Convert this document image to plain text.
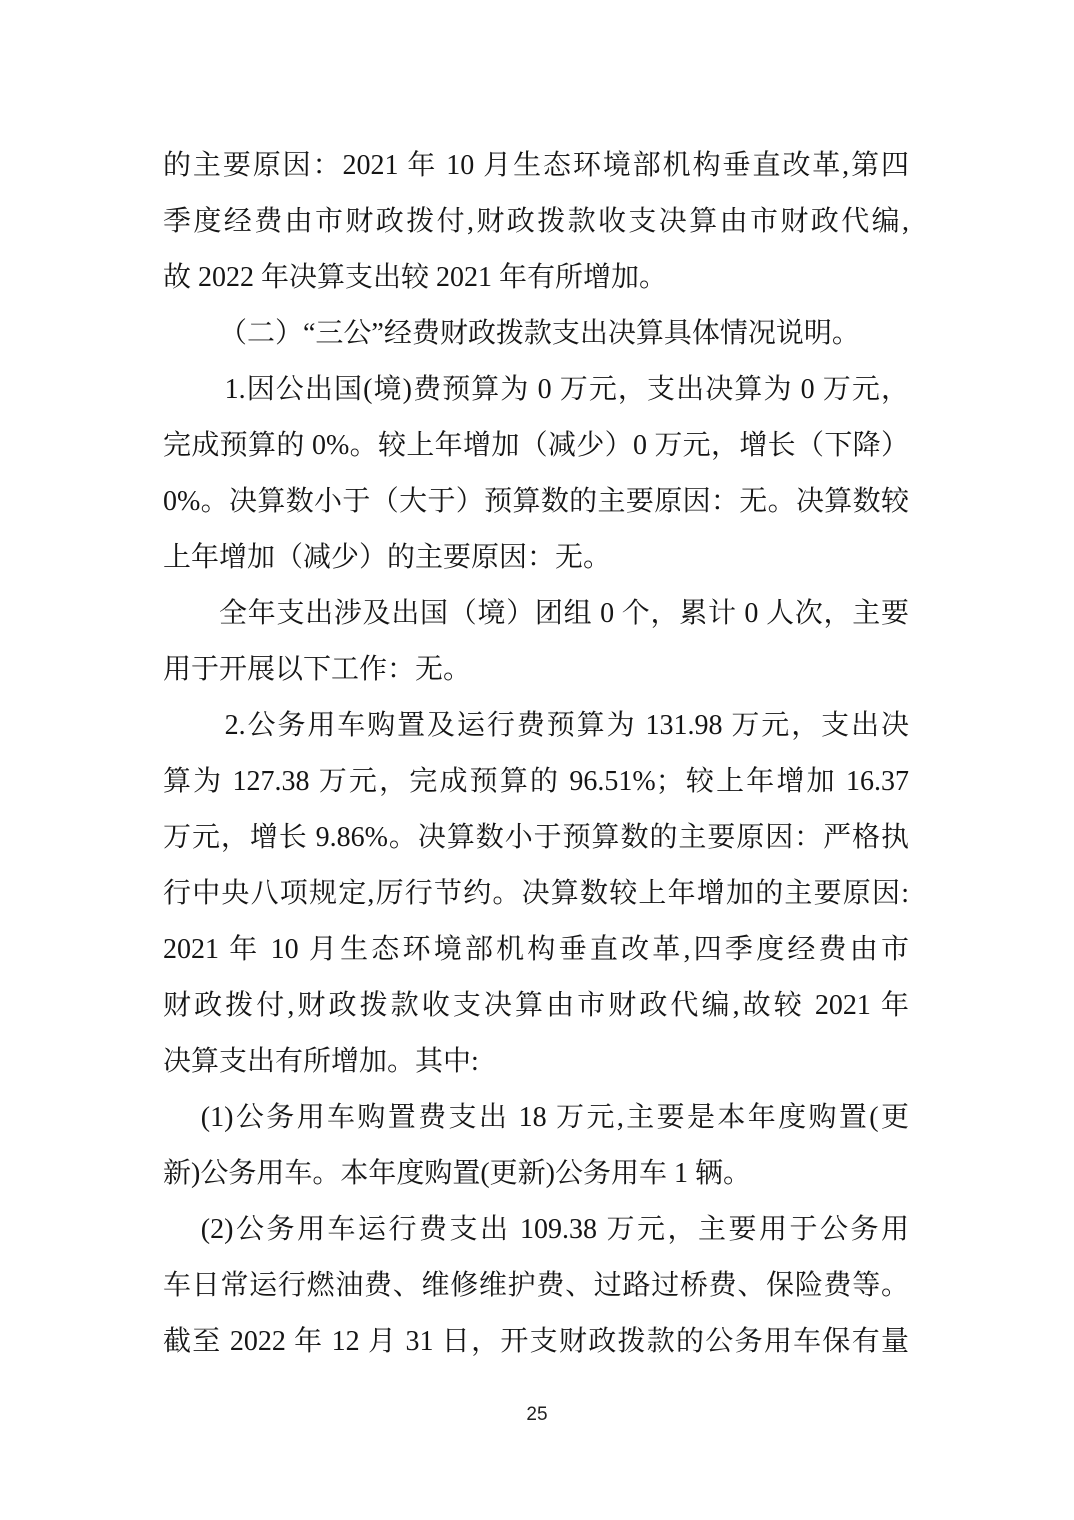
的主要原因：2021 年 10 月生态环境部机构垂直改革,第四
季度经费由市财政拨付,财政拨款收支决算由市财政代编,
故 2022 年决算支出较 2021 年有所增加。
（二）“三公”经费财政拨款支出决算具体情况说明。
1.因公出国(境)费预算为 0 万元，支出决算为 0 万元，
完成预算的 0%。较上年增加（减少）0 万元，增长（下降）
0%。决算数小于（大于）预算数的主要原因：无。决算数较
上年增加（减少）的主要原因：无。
全年支出涉及出国（境）团组 0 个，累计 0 人次，主要
用于开展以下工作：无。
2.公务用车购置及运行费预算为 131.98 万元，支出决
算为 127.38 万元，完成预算的 96.51%；较上年增加 16.37
万元，增长 9.86%。决算数小于预算数的主要原因：严格执
行中央八项规定,厉行节约。决算数较上年增加的主要原因:
2021 年 10 月生态环境部机构垂直改革,四季度经费由市
财政拨付,财政拨款收支决算由市财政代编,故较 2021 年
决算支出有所增加。其中:
(1)公务用车购置费支出 18 万元,主要是本年度购置(更
新)公务用车。本年度购置(更新)公务用车 1 辆。
(2)公务用车运行费支出 109.38 万元，主要用于公务用
车日常运行燃油费、维修维护费、过路过桥费、保险费等。
截至 2022 年 12 月 31 日，开支财政拨款的公务用车保有量
25
